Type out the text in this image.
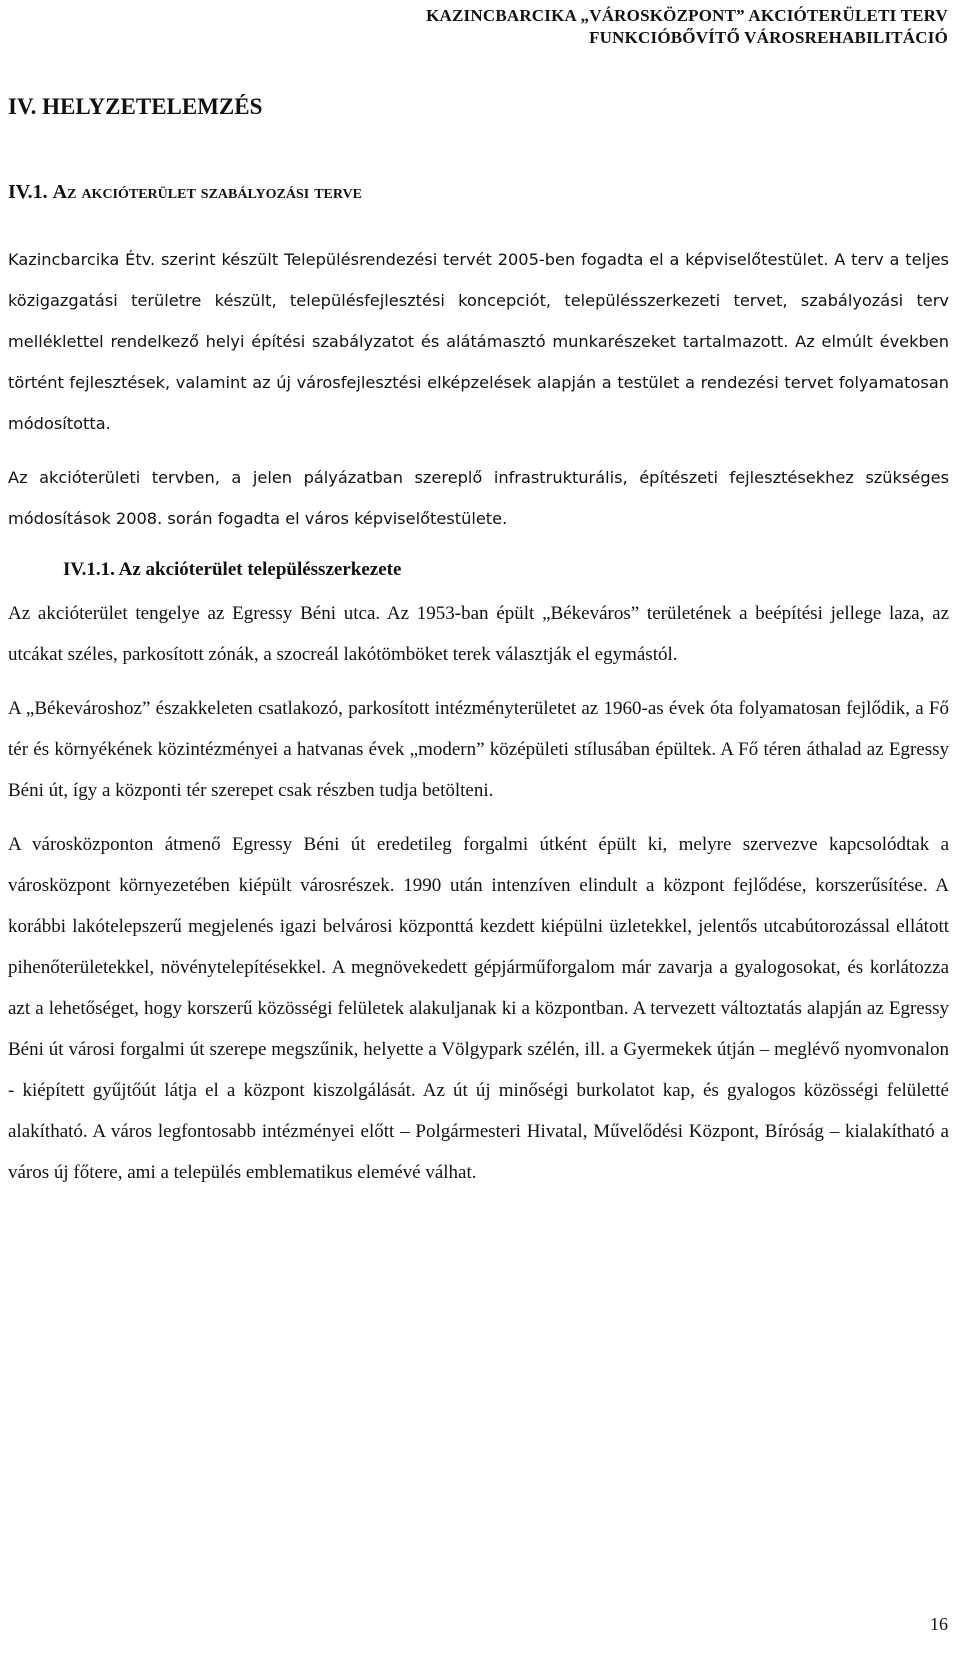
KAZINCBARCIKA „VÁROSKÖZPONT” AKCIÓTERÜLETI TERV
FUNKCIÓBŐVÍTŐ VÁROSREHABILITÁCIÓ
IV. HELYZETELEMZÉS
IV.1. Az akcióterület szabályozási terve

Kazincbarcika Étv. szerint készült Településrendezési tervét 2005-ben fogadta el a képviselőtestület. A terv a teljes közigazgatási területre készült, településfejlesztési koncepciót, településszerkezeti tervet, szabályozási terv melléklettel rendelkező helyi építési szabályzatot és alátámasztó munkarészeket tartalmazott. Az elmúlt években történt fejlesztések, valamint az új városfejlesztési elképzelések alapján a testület a rendezési tervet folyamatosan módosította.

Az akcióterületi tervben, a jelen pályázatban szereplő infrastrukturális, építészeti fejlesztésekhez szükséges módosítások 2008. során fogadta el város képviselőtestülete.

IV.1.1. Az akcióterület településszerkezete

Az akcióterület tengelye az Egressy Béni utca. Az 1953-ban épült „Békeváros” területének a beépítési jellege laza, az utcákat széles, parkosított zónák, a szocreál lakótömböket terek választják el egymástól.

A „Békevároshoz” északkeleten csatlakozó, parkosított intézményterületet az 1960-as évek óta folyamatosan fejlődik, a Fő tér és környékének közintézményei a hatvanas évek „modern” középületi stílusában épültek. A Fő téren áthalad az Egressy Béni út, így a központi tér szerepet csak részben tudja betölteni.

A városközponton átmenő Egressy Béni út eredetileg forgalmi útként épült ki, melyre szervezve kapcsolódtak a városközpont környezetében kiépült városrészek. 1990 után intenzíven elindult a központ fejlődése, korszerűsítése. A korábbi lakótelepszerű megjelenés igazi belvárosi központtá kezdett kiépülni üzletekkel, jelentős utcabútorozással ellátott pihenőterületekkel, növénytelepítésekkel. A megnövekedett gépjárműforgalom már zavarja a gyalogosokat, és korlátozza azt a lehetőséget, hogy korszerű közösségi felületek alakuljanak ki a központban. A tervezett változtatás alapján az Egressy Béni út városi forgalmi út szerepe megszűnik, helyette a Völgypark szélén, ill. a Gyermekek útján – meglévő nyomvonalon - kiépített gyűjtőút látja el a központ kiszolgálását. Az út új minőségi burkolatot kap, és gyalogos közösségi felületté alakítható. A város legfontosabb intézményei előtt – Polgármesteri Hivatal, Művelődési Központ, Bíróság – kialakítható a város új főtere, ami a település emblematikus elemévé válhat.

16
